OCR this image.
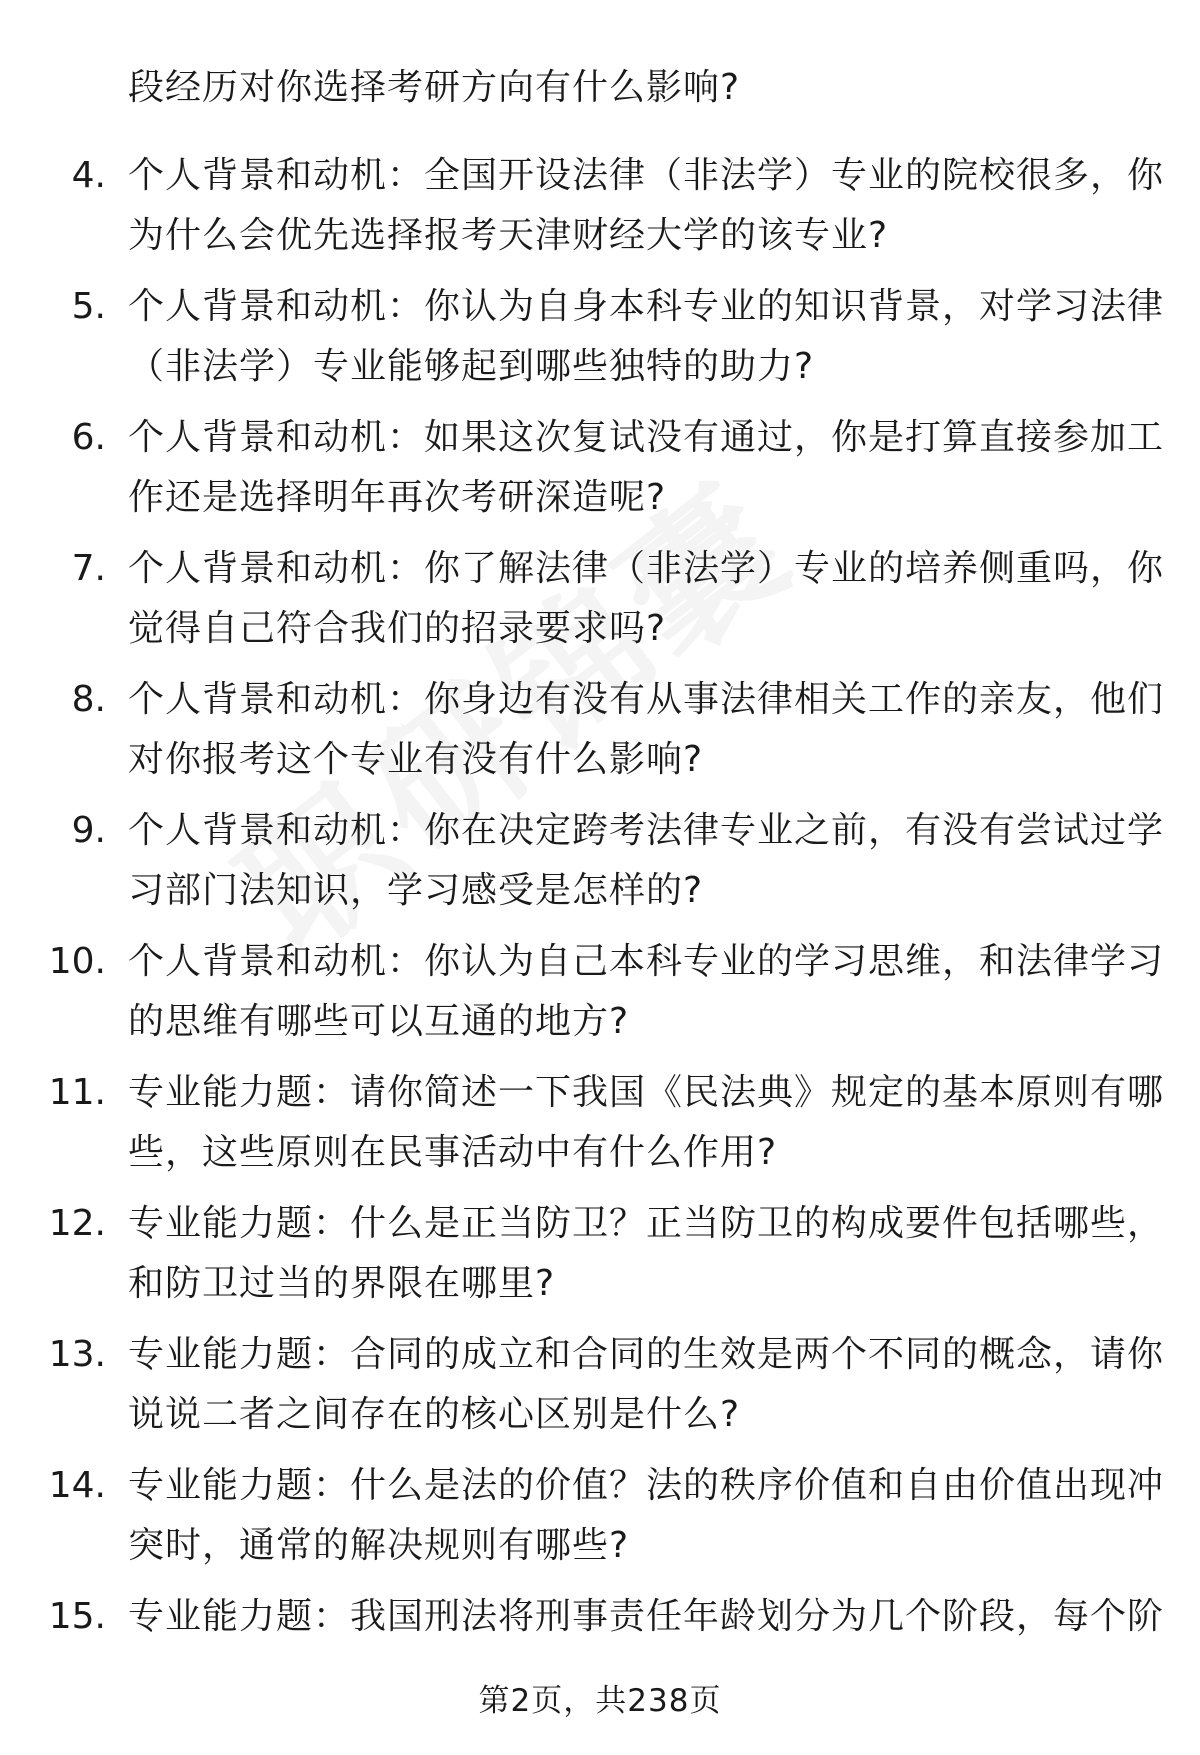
段经历对你选择考研方向有什么影响?
4. 个人背景和动机：全国开设法律（非法学）专业的院校很多，你
为什么会优先选择报考天津财经大学的该专业?
5. 个人背景和动机：你认为自身本科专业的知识背景，对学习法律
（非法学）专业能够起到哪些独特的助力?
6. 个人背景和动机：如果这次复试没有通过，你是打算直接参加工
作还是选择明年再次考研深造呢?
7. 个人背景和动机：你了解法律（非法学）专业的培养侧重吗，你
觉得自己符合我们的招录要求吗?
8. 个人背景和动机：你身边有没有从事法律相关工作的亲友，他们
对你报考这个专业有没有什么影响?
9. 个人背景和动机：你在决定跨考法律专业之前，有没有尝试过学
习部门法知识，学习感受是怎样的?
10. 个人背景和动机：你认为自己本科专业的学习思维，和法律学习
的思维有哪些可以互通的地方?
11. 专业能力题：请你简述一下我国《民法典》规定的基本原则有哪
些，这些原则在民事活动中有什么作用?
12. 专业能力题：什么是正当防卫？正当防卫的构成要件包括哪些，
和防卫过当的界限在哪里?
13. 专业能力题：合同的成立和合同的生效是两个不同的概念，请你
说说二者之间存在的核心区别是什么?
14. 专业能力题：什么是法的价值？法的秩序价值和自由价值出现冲
突时，通常的解决规则有哪些?
15. 专业能力题：我国刑法将刑事责任年龄划分为几个阶段，每个阶
第2页，共238页
